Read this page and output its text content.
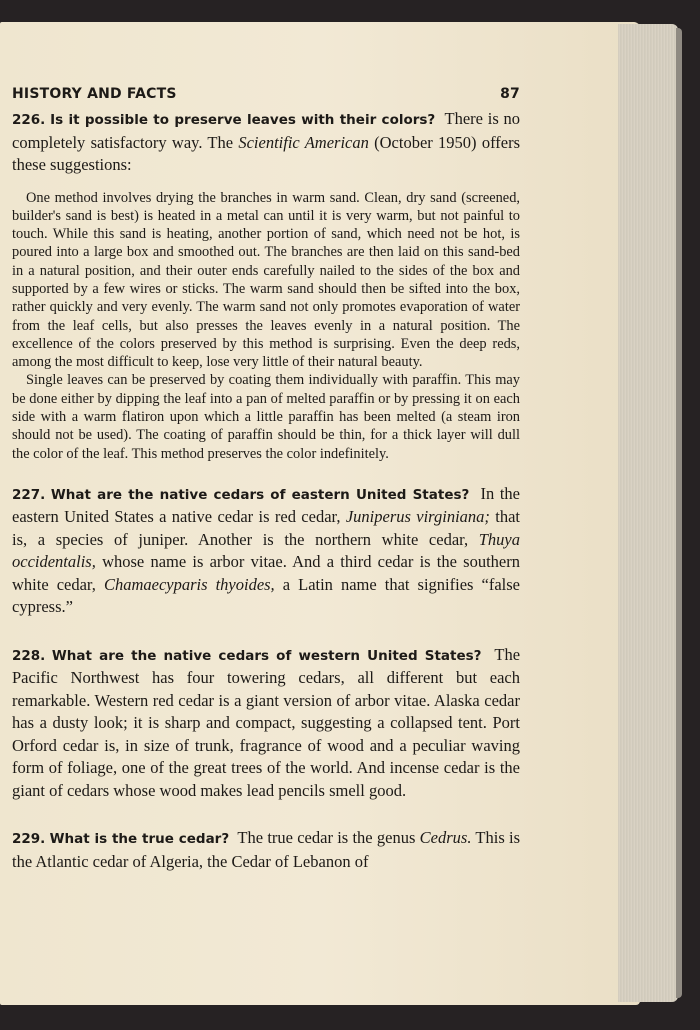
HISTORY AND FACTS	87

226. Is it possible to preserve leaves with their colors? There is no completely satisfactory way. The Scientific American (October 1950) offers these suggestions:

One method involves drying the branches in warm sand. Clean, dry sand (screened, builder's sand is best) is heated in a metal can until it is very warm, but not painful to touch. While this sand is heating, another portion of sand, which need not be hot, is poured into a large box and smoothed out. The branches are then laid on this sand-bed in a natural position, and their outer ends carefully nailed to the sides of the box and supported by a few wires or sticks. The warm sand should then be sifted into the box, rather quickly and very evenly. The warm sand not only promotes evaporation of water from the leaf cells, but also presses the leaves evenly in a natural position. The excellence of the colors preserved by this method is surprising. Even the deep reds, among the most difficult to keep, lose very little of their natural beauty.

Single leaves can be preserved by coating them individually with paraffin. This may be done either by dipping the leaf into a pan of melted paraffin or by pressing it on each side with a warm flatiron upon which a little paraffin has been melted (a steam iron should not be used). The coating of paraffin should be thin, for a thick layer will dull the color of the leaf. This method preserves the color indefinitely.

227. What are the native cedars of eastern United States? In the eastern United States a native cedar is red cedar, Juniperus virginiana; that is, a species of juniper. Another is the northern white cedar, Thuya occidentalis, whose name is arbor vitae. And a third cedar is the southern white cedar, Chamaecyparis thyoides, a Latin name that signifies “false cypress.”

228. What are the native cedars of western United States? The Pacific Northwest has four towering cedars, all different but each remarkable. Western red cedar is a giant version of arbor vitae. Alaska cedar has a dusty look; it is sharp and compact, suggesting a collapsed tent. Port Orford cedar is, in size of trunk, fragrance of wood and a peculiar waving form of foliage, one of the great trees of the world. And incense cedar is the giant of cedars whose wood makes lead pencils smell good.

229. What is the true cedar? The true cedar is the genus Cedrus. This is the Atlantic cedar of Algeria, the Cedar of Lebanon of
